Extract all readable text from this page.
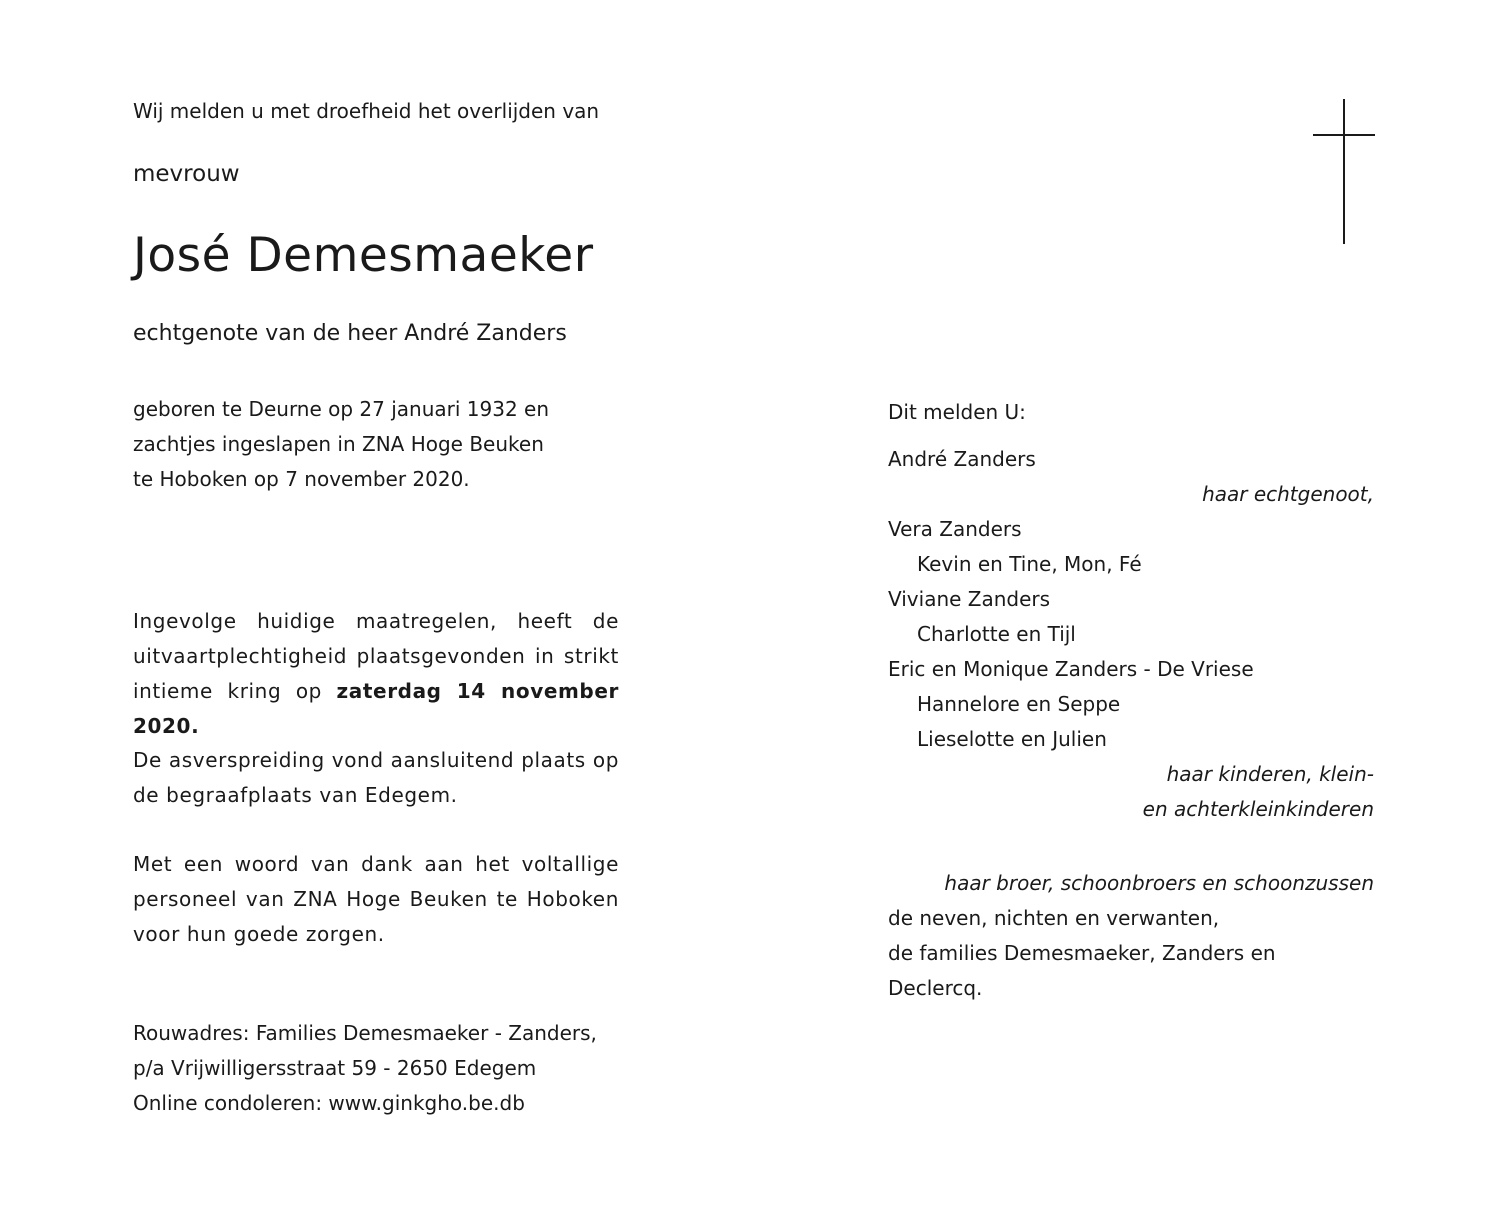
Wij melden u met droefheid het overlijden van
mevrouw
José Demesmaeker
echtgenote van de heer André Zanders
geboren te Deurne op 27 januari 1932 en
zachtjes ingeslapen in ZNA Hoge Beuken
te Hoboken op 7 november 2020.

Ingevolge huidige maatregelen, heeft de uitvaartplechtigheid plaatsgevonden in strikt intieme kring op zaterdag 14 november 2020.

De asverspreiding vond aansluitend plaats op de begraafplaats van Edegem.

Met een woord van dank aan het voltallige personeel van ZNA Hoge Beuken te Hoboken voor hun goede zorgen.

Rouwadres: Families Demesmaeker - Zanders,
p/a Vrijwilligersstraat 59 - 2650 Edegem
Online condoleren: www.ginkgho.be.db
Dit melden U:
André Zanders
haar echtgenoot,
Vera Zanders
Kevin en Tine, Mon, Fé
Viviane Zanders
Charlotte en Tijl
Eric en Monique Zanders - De Vriese
Hannelore en Seppe
Lieselotte en Julien
haar kinderen, klein-
en achterkleinkinderen
haar broer, schoonbroers en schoonzussen
de neven, nichten en verwanten,
de families Demesmaeker, Zanders en
Declercq.
